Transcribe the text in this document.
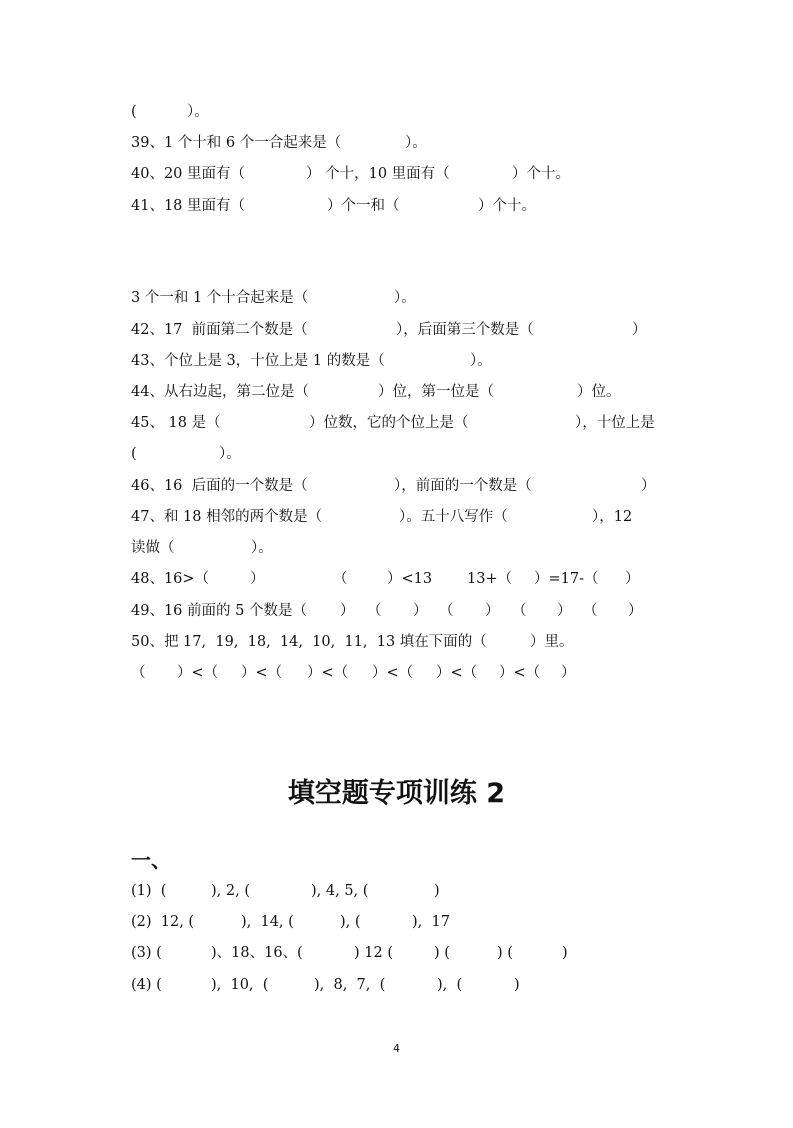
(

	）。

39、1 个十和 6 个一合起来是（

	）。

40、20 里面有（

	） 个十，10 里面有（

	）个十。

41、18 里面有（

	）个一和（

	）个十。

3 个一和 1 个十合起来是（

	）。

42、17  前面第二个数是（

	），后面第三个数是（

	）

43、个位上是 3，十位上是 1 的数是（

	）。

44、从右边起，第二位是（

	）位，第一位是（

	）位。

45、 18 是（

	）位数，它的个位上是（

	），十位上是

(

	）。

46、16  后面的一个数是（

	），前面的一个数是（

	）

47、和 18 相邻的两个数是（

	）。五十八写作（

	），12

读做（

	）。

48、16>（

	）

	（

	）<13

13+（

）=17-（

）

49、16 前面的 5 个数是（

）

（

）

（

）

（

）

（

）

50、把 17,  19,  18,  14,  10,  11,  13 填在下面的（

	）里。

（

）<（

）<（

）<（

）<（

）<（

）<（

）

填空题专项训练 2
一、

(1)  (

	), 2, (

	), 4, 5, (

	)

(2)  12, (

	),  14, (

	), (

	),  17

(3) (

	)、18、16、(

	) 12 (

	) (

	) (

	)

(4) (

	),  10,  (

	),  8,  7,  (

	),  (

	)

4
